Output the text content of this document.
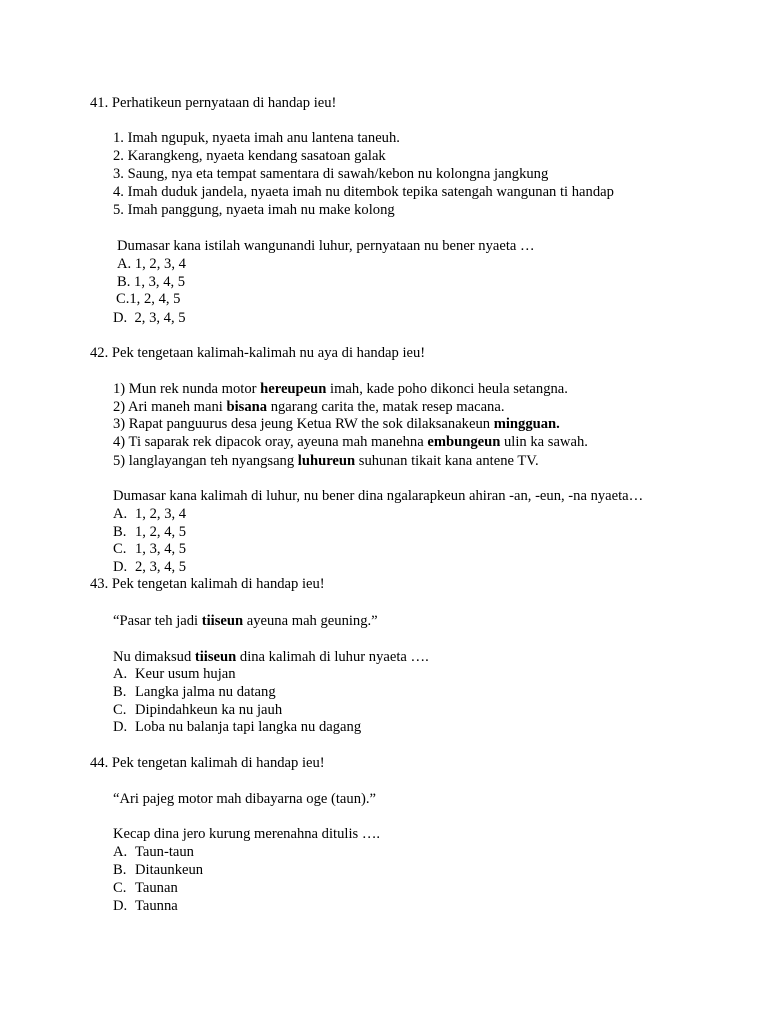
41. Perhatikeun pernyataan di handap ieu!
1. Imah ngupuk, nyaeta imah anu lantena taneuh.
2. Karangkeng, nyaeta kendang sasatoan galak
3. Saung, nya eta tempat samentara di sawah/kebon nu kolongna jangkung
4. Imah duduk jandela, nyaeta imah nu ditembok tepika satengah wangunan ti handap
5. Imah panggung, nyaeta imah nu make kolong
Dumasar kana istilah wangunandi luhur, pernyataan nu bener nyaeta …
A. 1, 2, 3, 4
B. 1, 3, 4, 5
C.1, 2, 4, 5
D.  2, 3, 4, 5
42. Pek tengetaan kalimah-kalimah nu aya di handap ieu!
1) Mun rek nunda motor hereupeun imah, kade poho dikonci heula setangna.
2) Ari maneh mani bisana ngarang carita the, matak resep macana.
3) Rapat panguurus desa jeung Ketua RW the sok dilaksanakeun mingguan.
4) Ti saparak rek dipacok oray, ayeuna mah manehna embungeun ulin ka sawah.
5) langlayangan teh nyangsang luhureun suhunan tikait kana antene TV.
Dumasar kana kalimah di luhur, nu bener dina ngalarapkeun ahiran -an, -eun, -na nyaeta…
A. 1, 2, 3, 4
B. 1, 2, 4, 5
C. 1, 3, 4, 5
D. 2, 3, 4, 5
43. Pek tengetan kalimah di handap ieu!
“Pasar teh jadi tiiseun ayeuna mah geuning.”
Nu dimaksud tiiseun dina kalimah di luhur nyaeta ….
A. Keur usum hujan
B. Langka jalma nu datang
C. Dipindahkeun ka nu jauh
D. Loba nu balanja tapi langka nu dagang
44. Pek tengetan kalimah di handap ieu!
“Ari pajeg motor mah dibayarna oge (taun).”
Kecap dina jero kurung merenahna ditulis ….
A. Taun-taun
B. Ditaunkeun
C. Taunan
D. Taunna
